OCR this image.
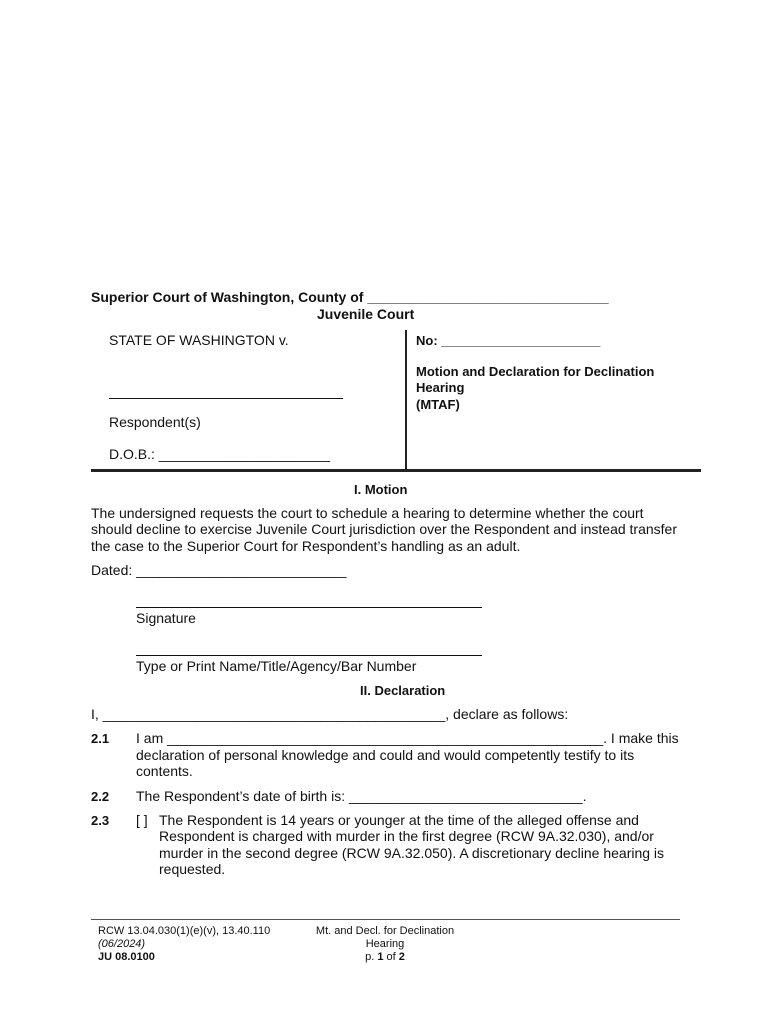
Superior Court of Washington, County of _______________________________
Juvenile Court
STATE OF WASHINGTON v.
Respondent(s)
D.O.B.: ______________________
No: ______________________
Motion and Declaration for Declination
Hearing
(MTAF)
I. Motion
The undersigned requests the court to schedule a hearing to determine whether the court
should decline to exercise Juvenile Court jurisdiction over the Respondent and instead transfer
the case to the Superior Court for Respondent’s handling as an adult.
Dated: ___________________________
Signature
Type or Print Name/Title/Agency/Bar Number
II. Declaration
I, ____________________________________________, declare as follows:
2.1 I am ________________________________________________________. I make this
declaration of personal knowledge and could and would competently testify to its
contents.
2.2 The Respondent’s date of birth is: ______________________________.
2.3 [ ] The Respondent is 14 years or younger at the time of the alleged offense and
Respondent is charged with murder in the first degree (RCW 9A.32.030), and/or
murder in the second degree (RCW 9A.32.050). A discretionary decline hearing is
requested.
RCW 13.04.030(1)(e)(v), 13.40.110
(06/2024)
JU 08.0100
Mt. and Decl. for Declination
Hearing
p. 1 of 2
